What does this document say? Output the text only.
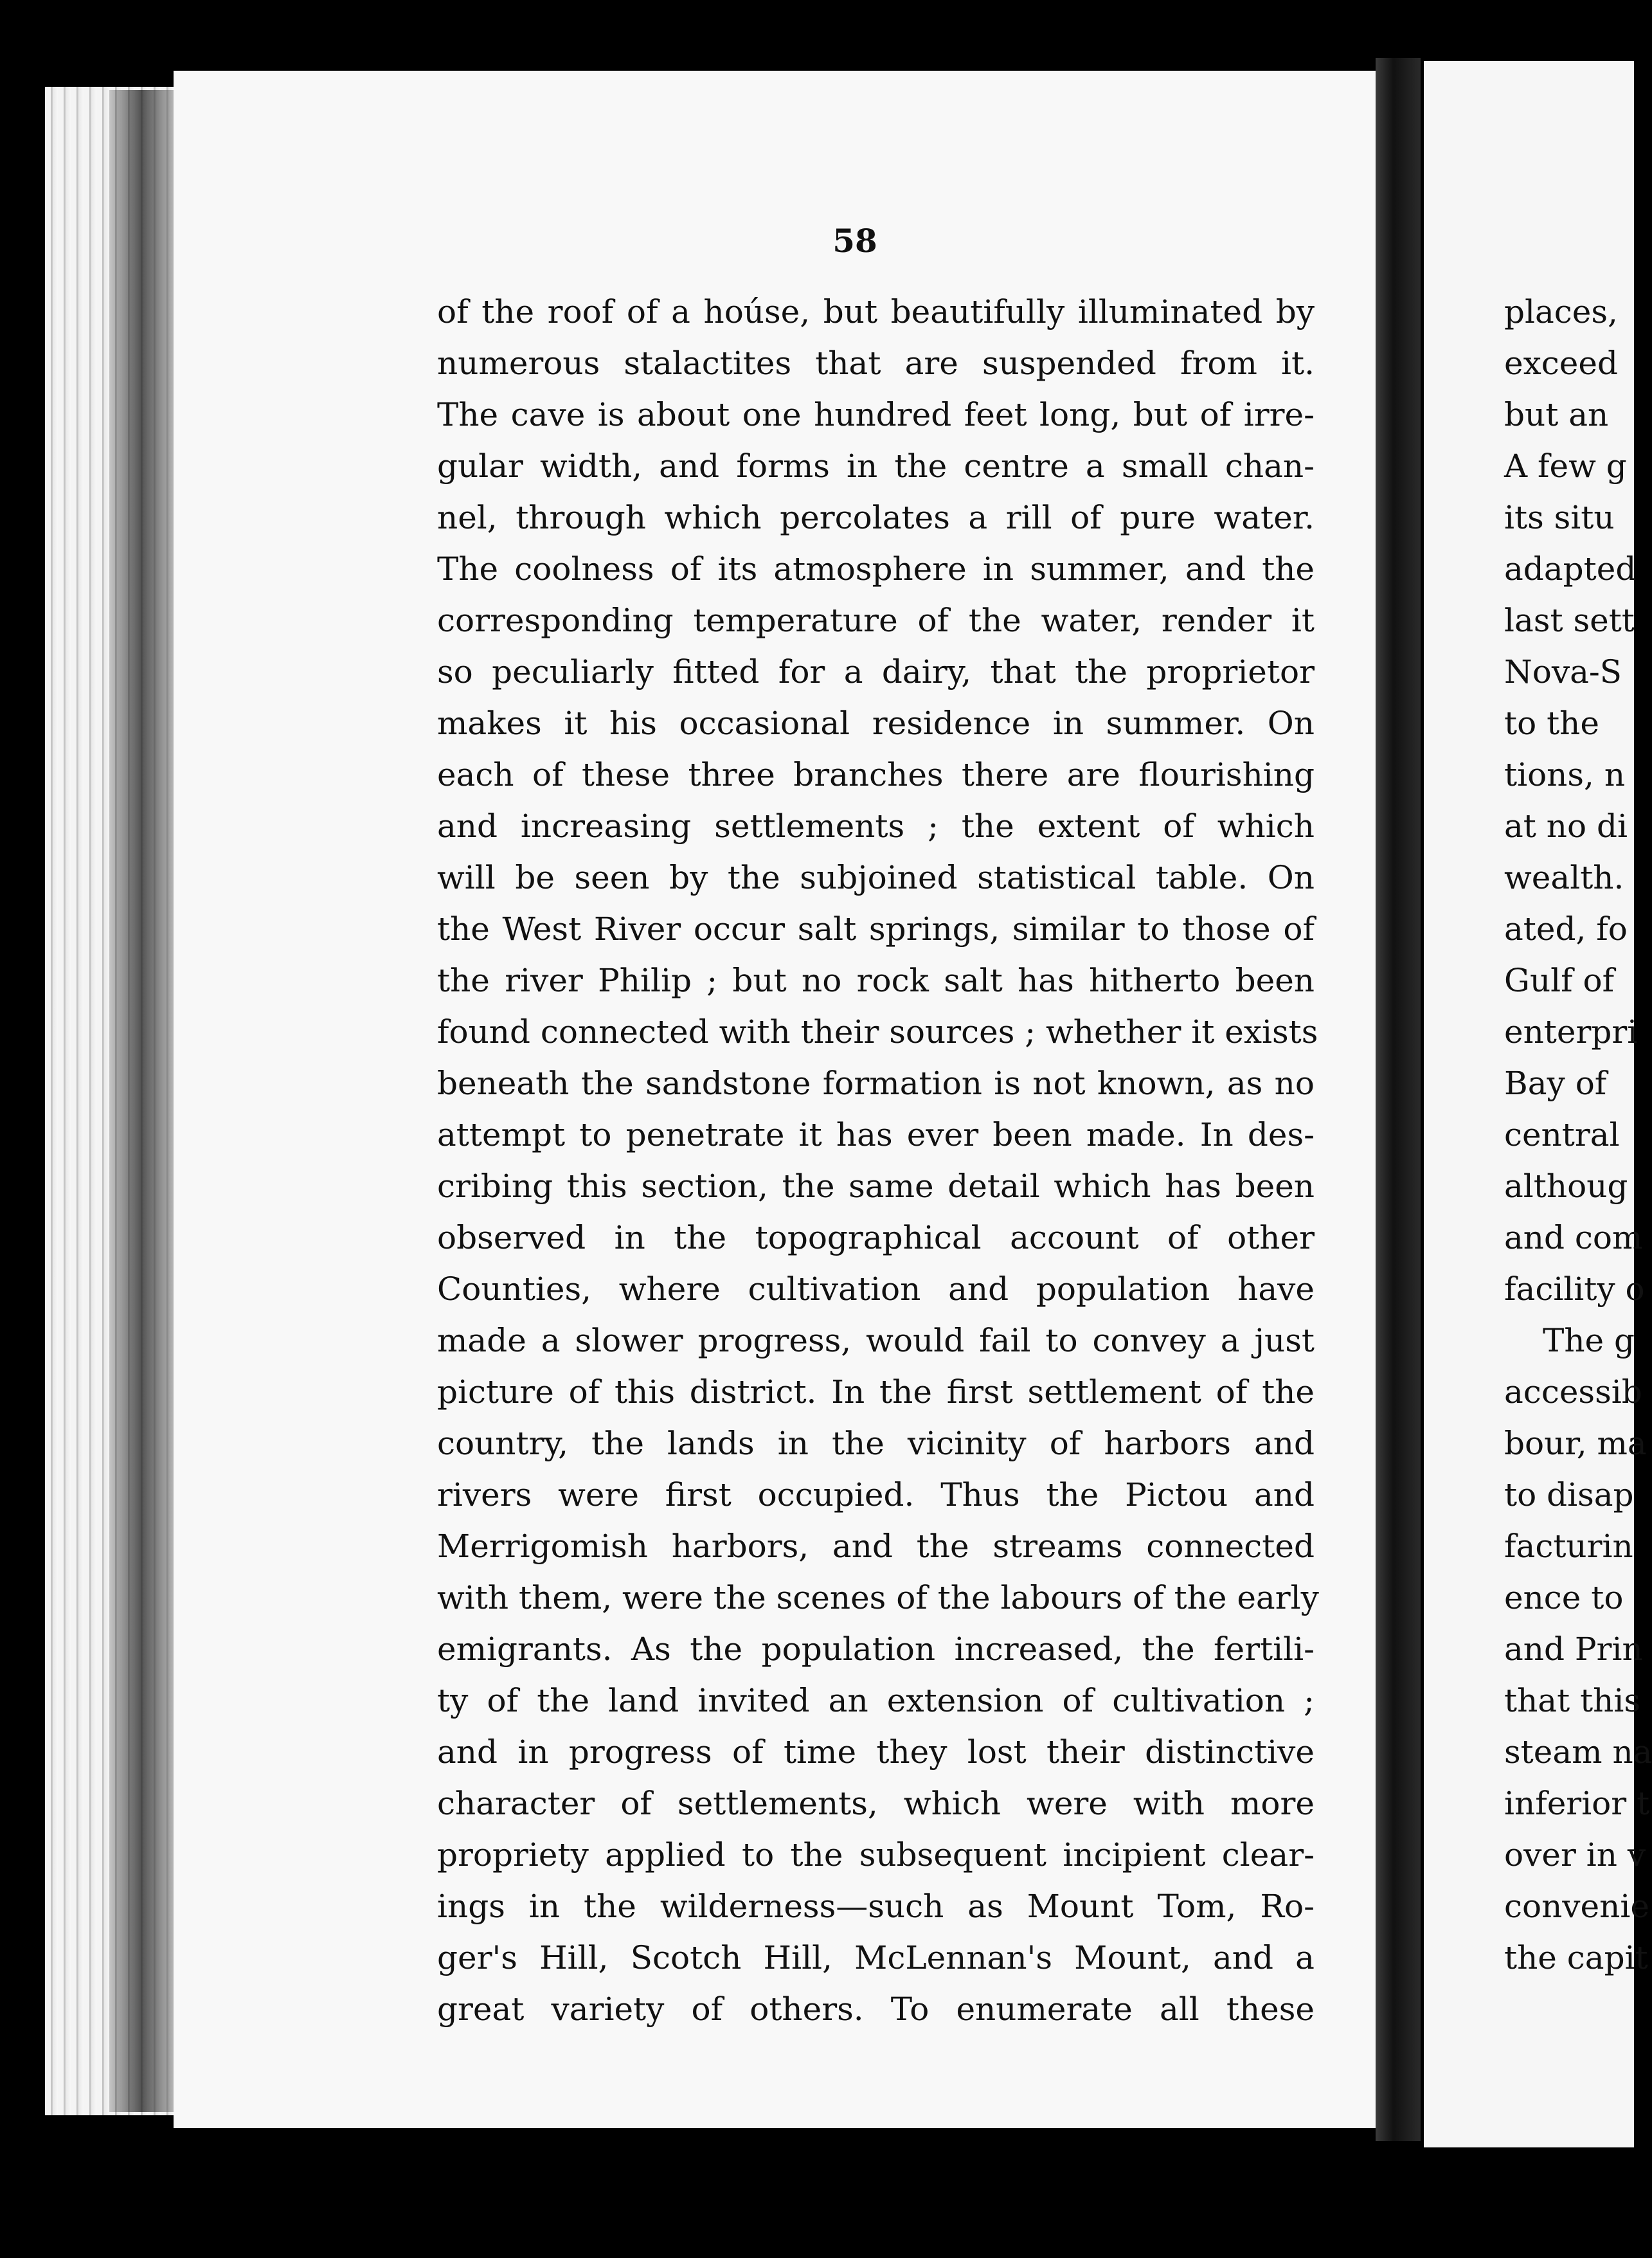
58
of the roof of a hoúse, but beautifully illuminated by
numerous stalactites that are suspended from it.
The cave is about one hundred feet long, but of irre-
gular width, and forms in the centre a small chan-
nel, through which percolates a rill of pure water.
The coolness of its atmosphere in summer, and the
corresponding temperature of the water, render it
so peculiarly fitted for a dairy, that the proprietor
makes it his occasional residence in summer. On
each of these three branches there are flourishing
and increasing settlements ; the extent of which
will be seen by the subjoined statistical table. On
the West River occur salt springs, similar to those of
the river Philip ; but no rock salt has hitherto been
found connected with their sources ; whether it exists
beneath the sandstone formation is not known, as no
attempt to penetrate it has ever been made. In des-
cribing this section, the same detail which has been
observed in the topographical account of other
Counties, where cultivation and population have
made a slower progress, would fail to convey a just
picture of this district. In the first settlement of the
country, the lands in the vicinity of harbors and
rivers were first occupied. Thus the Pictou and
Merrigomish harbors, and the streams connected
with them, were the scenes of the labours of the early
emigrants. As the population increased, the fertili-
ty of the land invited an extension of cultivation ;
and in progress of time they lost their distinctive
character of settlements, which were with more
propriety applied to the subsequent incipient clear-
ings in the wilderness—such as Mount Tom, Ro-
ger's Hill, Scotch Hill, McLennan's Mount, and a
great variety of others. To enumerate all these
places,
exceed
but an
A few g
its situ
adapted
last sett
Nova-S
to the
tions, n
at no di
wealth.
ated, fo
Gulf of
enterpri
Bay of
central
althoug
and com
facility o
The g
accessib
bour, ma
to disap
facturin
ence to
and Prin
that this
steam na
inferior t
over in v
convenie
the capit
